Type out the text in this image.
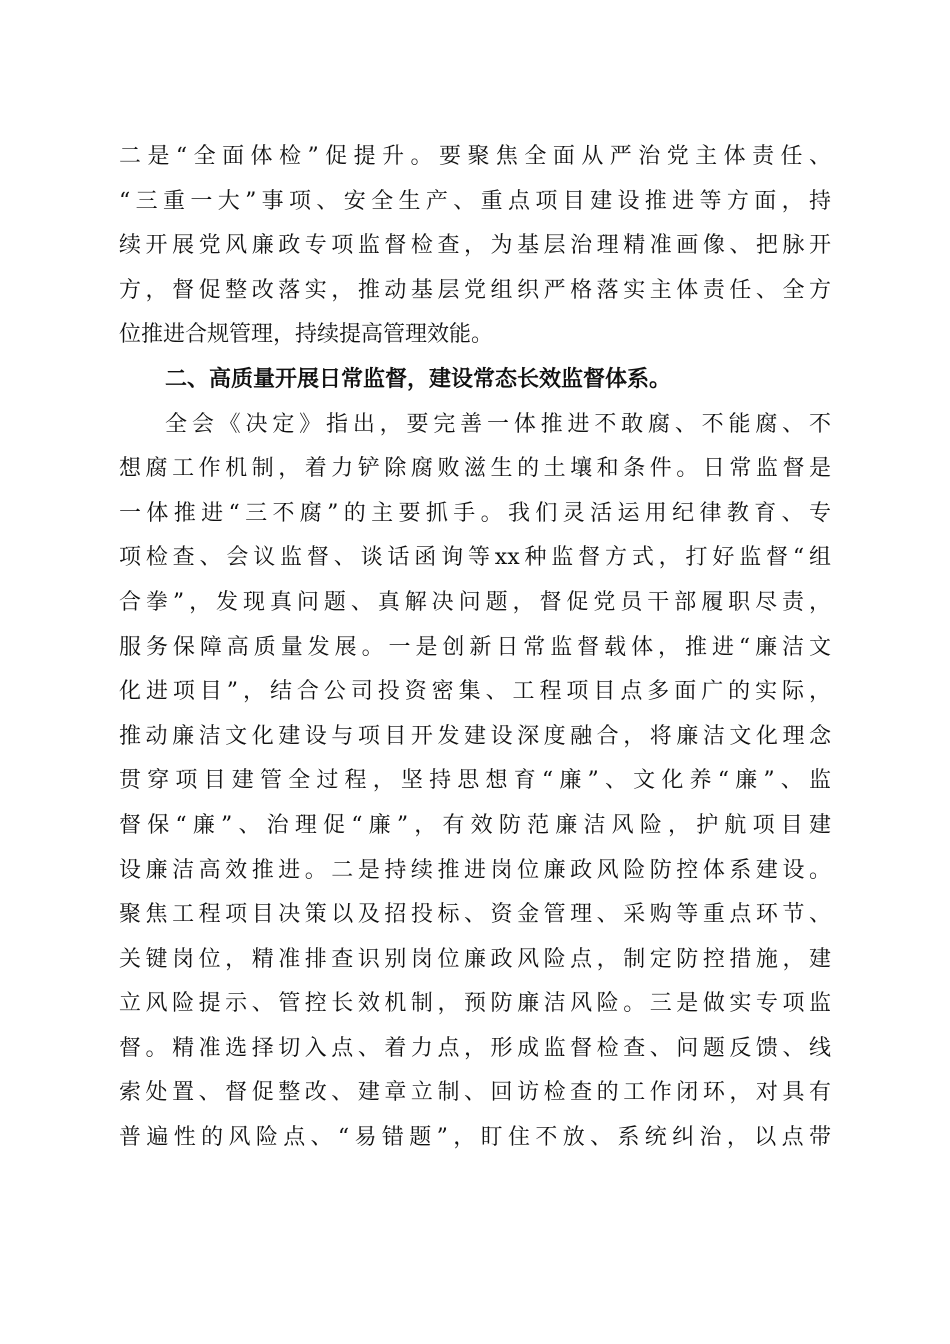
二是“全面体检”促提升。要聚焦全面从严治党主体责任、
“三重一大”事项、安全生产、重点项目建设推进等方面，持
续开展党风廉政专项监督检查，为基层治理精准画像、把脉开
方，督促整改落实，推动基层党组织严格落实主体责任、全方
位推进合规管理，持续提高管理效能。
二、高质量开展日常监督，建设常态长效监督体系。
全会《决定》指出，要完善一体推进不敢腐、不能腐、不
想腐工作机制，着力铲除腐败滋生的土壤和条件。日常监督是
一体推进“三不腐”的主要抓手。我们灵活运用纪律教育、专
项检查、会议监督、谈话函询等xx种监督方式，打好监督“组
合拳”，发现真问题、真解决问题，督促党员干部履职尽责，
服务保障高质量发展。一是创新日常监督载体，推进“廉洁文
化进项目”，结合公司投资密集、工程项目点多面广的实际，
推动廉洁文化建设与项目开发建设深度融合，将廉洁文化理念
贯穿项目建管全过程，坚持思想育“廉”、文化养“廉”、监
督保“廉”、治理促“廉”，有效防范廉洁风险，护航项目建
设廉洁高效推进。二是持续推进岗位廉政风险防控体系建设。
聚焦工程项目决策以及招投标、资金管理、采购等重点环节、
关键岗位，精准排查识别岗位廉政风险点，制定防控措施，建
立风险提示、管控长效机制，预防廉洁风险。三是做实专项监
督。精准选择切入点、着力点，形成监督检查、问题反馈、线
索处置、督促整改、建章立制、回访检查的工作闭环，对具有
普遍性的风险点、“易错题”，盯住不放、系统纠治，以点带
